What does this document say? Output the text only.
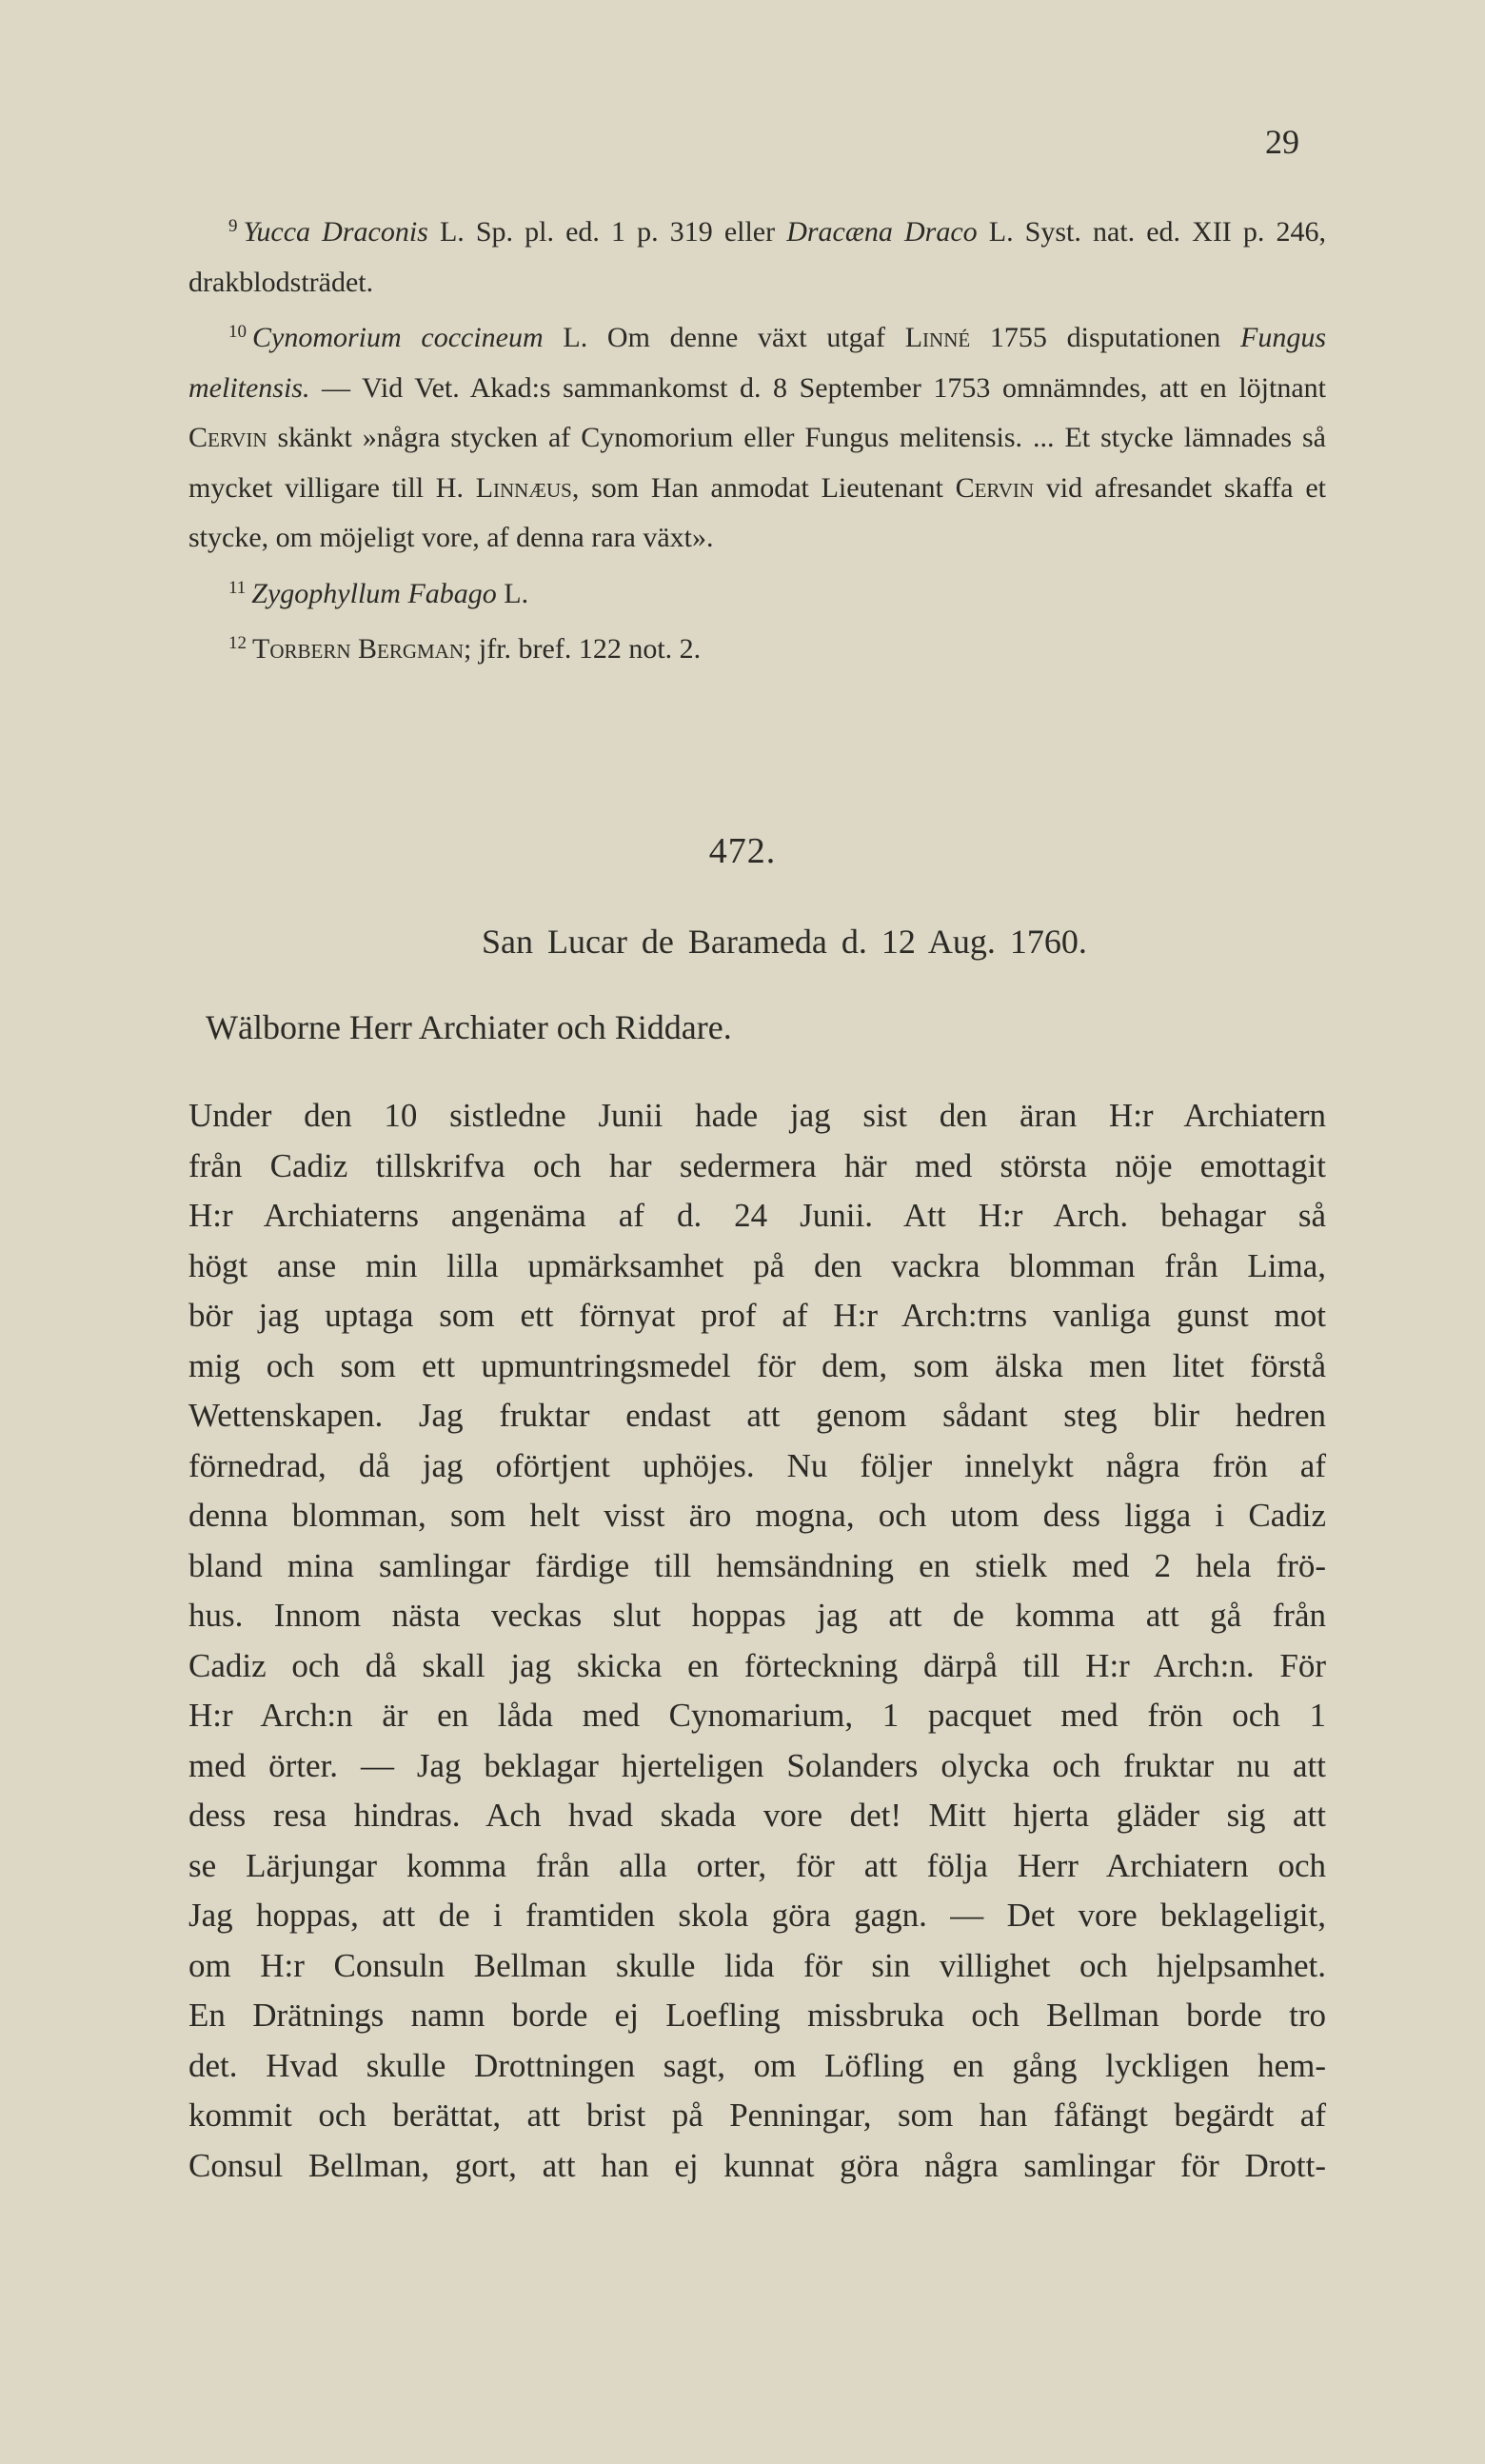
29

$^9$ Yucca Draconis L. Sp. pl. ed. 1 p. 319 eller Dracæna Draco L. Syst. nat. ed. XII p. 246, drakblodsträdet.

$^{10}$ Cynomorium coccineum L. Om denne växt utgaf Linné 1755 disputationen Fungus melitensis. — Vid Vet. Akad:s sammankomst d. 8 September 1753 omnämndes, att en löjtnant Cervin skänkt »några stycken af Cynomorium eller Fungus melitensis. ... Et stycke lämnades så mycket villigare till H. Linnæus, som Han anmodat Lieutenant Cervin vid afresandet skaffa et stycke, om möjeligt vore, af denna rara växt».

$^{11}$ Zygophyllum Fabago L.

$^{12}$ Torbern Bergman; jfr. bref. 122 not. 2.

472.
San Lucar de Barameda d. 12 Aug. 1760.
Wälborne Herr Archiater och Riddare.
Under den 10 sistledne Junii hade jag sist den äran H:r Archiatern
från Cadiz tillskrifva och har sedermera här med största nöje emottagit
H:r Archiaterns angenäma af d. 24 Junii. Att H:r Arch. behagar så
högt anse min lilla upmärksamhet på den vackra blomman från Lima,
bör jag uptaga som ett förnyat prof af H:r Arch:trns vanliga gunst mot
mig och som ett upmuntringsmedel för dem, som älska men litet förstå
Wettenskapen. Jag fruktar endast att genom sådant steg blir hedren
förnedrad, då jag oförtjent uphöjes. Nu följer innelykt några frön af
denna blomman, som helt visst äro mogna, och utom dess ligga i Cadiz
bland mina samlingar färdige till hemsändning en stielk med 2 hela frö-
hus. Innom nästa veckas slut hoppas jag att de komma att gå från
Cadiz och då skall jag skicka en förteckning därpå till H:r Arch:n. För
H:r Arch:n är en låda med Cynomarium, 1 pacquet med frön och 1
med örter. — Jag beklagar hjerteligen Solanders olycka och fruktar nu att
dess resa hindras. Ach hvad skada vore det! Mitt hjerta gläder sig att
se Lärjungar komma från alla orter, för att följa Herr Archiatern och
Jag hoppas, att de i framtiden skola göra gagn. — Det vore beklageligit,
om H:r Consuln Bellman skulle lida för sin villighet och hjelpsamhet.
En Drätnings namn borde ej Loefling missbruka och Bellman borde tro
det. Hvad skulle Drottningen sagt, om Löfling en gång lyckligen hem-
kommit och berättat, att brist på Penningar, som han fåfängt begärdt af
Consul Bellman, gort, att han ej kunnat göra några samlingar för Drott-
